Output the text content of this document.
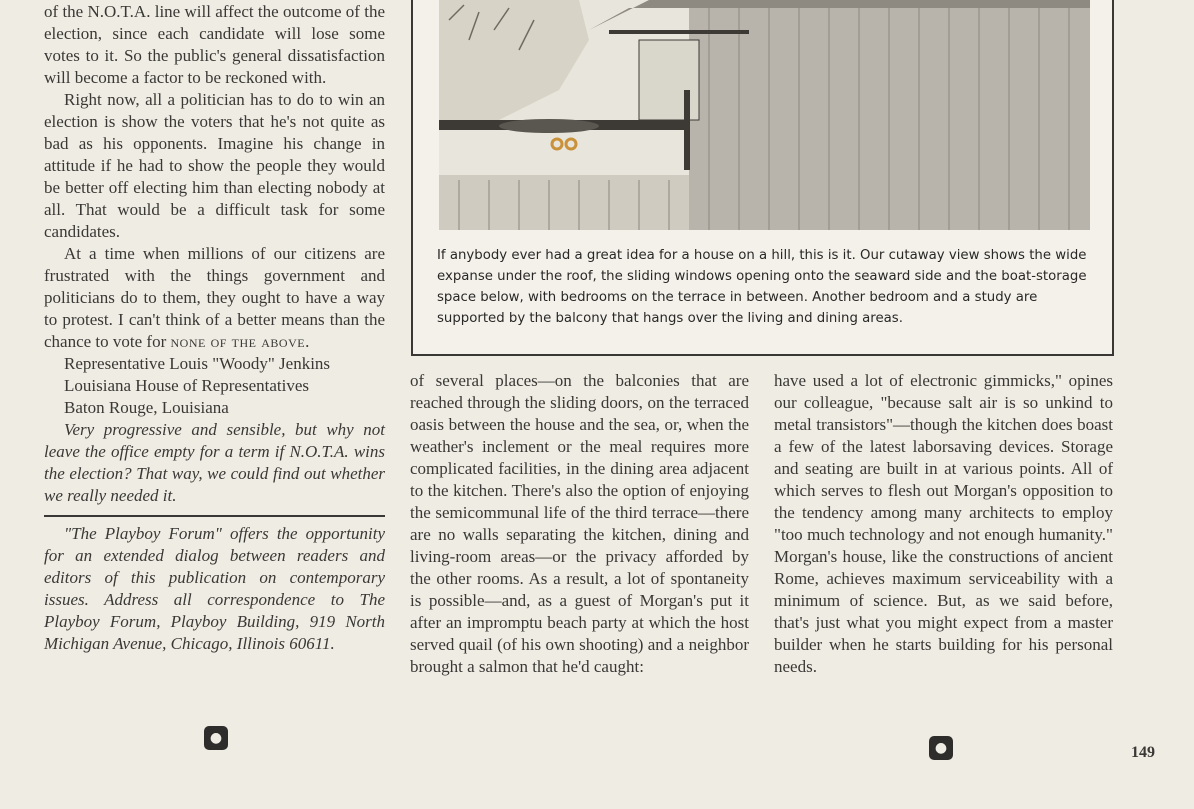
of the N.O.T.A. line will affect the outcome of the election, since each candidate will lose some votes to it. So the public's general dissatisfaction will become a factor to be reckoned with.

Right now, all a politician has to do to win an election is show the voters that he's not quite as bad as his opponents. Imagine his change in attitude if he had to show the people they would be better off electing him than electing nobody at all. That would be a difficult task for some candidates.

At a time when millions of our citizens are frustrated with the things government and politicians do to them, they ought to have a way to protest. I can't think of a better means than the chance to vote for none of the above.

Representative Louis "Woody" Jenkins
Louisiana House of Representatives
Baton Rouge, Louisiana

Very progressive and sensible, but why not leave the office empty for a term if N.O.T.A. wins the election? That way, we could find out whether we really needed it.

"The Playboy Forum" offers the opportunity for an extended dialog between readers and editors of this publication on contemporary issues. Address all correspondence to The Playboy Forum, Playboy Building, 919 North Michigan Avenue, Chicago, Illinois 60611.

●
If anybody ever had a great idea for a house on a hill, this is it. Our cutaway view shows the wide expanse under the roof, the sliding windows opening onto the seaward side and the boat-storage space below, with bedrooms on the terrace in between. Another bedroom and a study are supported by the balcony that hangs over the living and dining areas.

of several places—on the balconies that are reached through the sliding doors, on the terraced oasis between the house and the sea, or, when the weather's inclement or the meal requires more complicated facilities, in the dining area adjacent to the kitchen. There's also the option of enjoying the semicommunal life of the third terrace—there are no walls separating the kitchen, dining and living-room areas—or the privacy afforded by the other rooms. As a result, a lot of spontaneity is possible—and, as a guest of Morgan's put it after an impromptu beach party at which the host served quail (of his own shooting) and a neighbor brought a salmon that he'd caught:

have used a lot of electronic gimmicks," opines our colleague, "because salt air is so unkind to metal transistors"—though the kitchen does boast a few of the latest laborsaving devices. Storage and seating are built in at various points. All of which serves to flesh out Morgan's opposition to the tendency among many architects to employ "too much technology and not enough humanity." Morgan's house, like the constructions of ancient Rome, achieves maximum serviceability with a minimum of science. But, as we said before, that's just what you might expect from a master builder when he starts building for his personal needs.

●	149
